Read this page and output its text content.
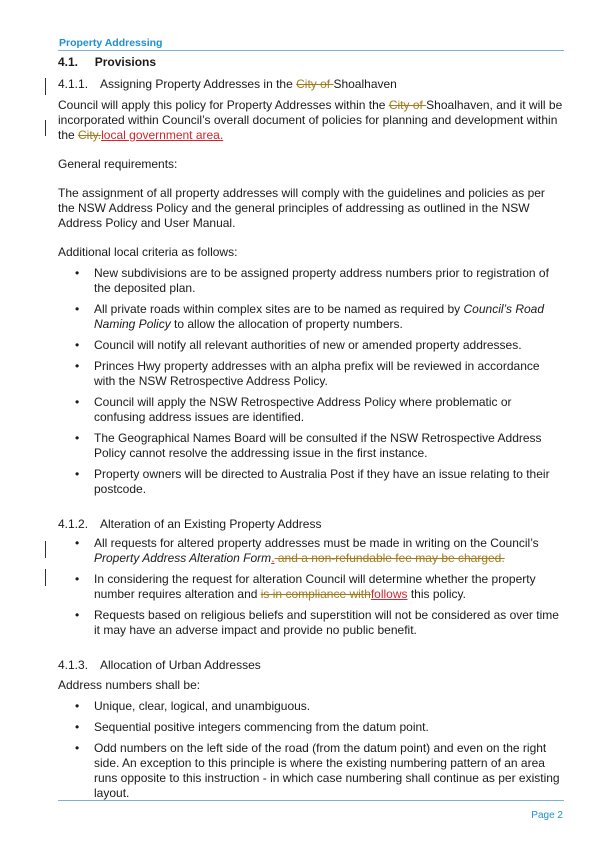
Property Addressing
4.1. Provisions
4.1.1. Assigning Property Addresses in the City of Shoalhaven

Council will apply this policy for Property Addresses within the City of Shoalhaven, and it will be incorporated within Council’s overall document of policies for planning and development within the City.local government area.

General requirements:

The assignment of all property addresses will comply with the guidelines and policies as per the NSW Address Policy and the general principles of addressing as outlined in the NSW Address Policy and User Manual.

Additional local criteria as follows:

• New subdivisions are to be assigned property address numbers prior to registration of the deposited plan.
• All private roads within complex sites are to be named as required by Council’s Road Naming Policy to allow the allocation of property numbers.
• Council will notify all relevant authorities of new or amended property addresses.
• Princes Hwy property addresses with an alpha prefix will be reviewed in accordance with the NSW Retrospective Address Policy.
• Council will apply the NSW Retrospective Address Policy where problematic or confusing address issues are identified.
• The Geographical Names Board will be consulted if the NSW Retrospective Address Policy cannot resolve the addressing issue in the first instance.
• Property owners will be directed to Australia Post if they have an issue relating to their postcode.
4.1.2. Alteration of an Existing Property Address
• All requests for altered property addresses must be made in writing on the Council’s Property Address Alteration Form. and a non-refundable fee may be charged.
• In considering the request for alteration Council will determine whether the property number requires alteration and is in compliance withfollows this policy.
• Requests based on religious beliefs and superstition will not be considered as over time it may have an adverse impact and provide no public benefit.
4.1.3. Allocation of Urban Addresses

Address numbers shall be:

• Unique, clear, logical, and unambiguous.
• Sequential positive integers commencing from the datum point.
• Odd numbers on the left side of the road (from the datum point) and even on the right side. An exception to this principle is where the existing numbering pattern of an area runs opposite to this instruction - in which case numbering shall continue as per existing layout.
Page 2
